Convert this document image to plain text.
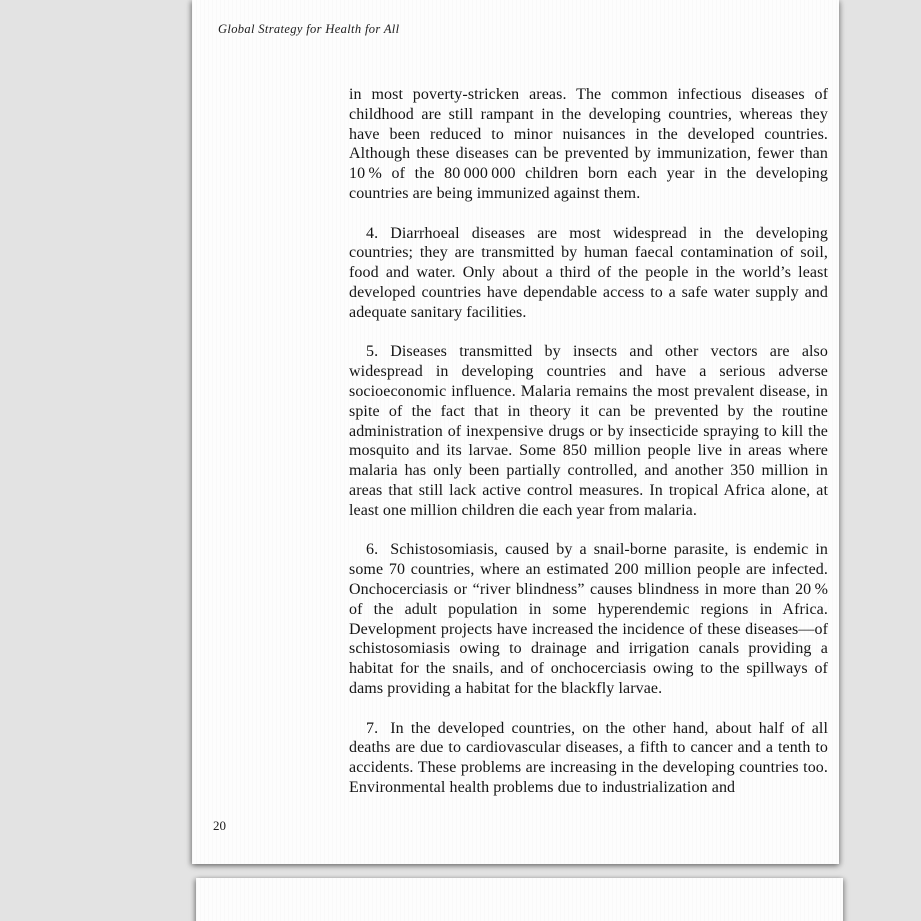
Global Strategy for Health for All

in most poverty-stricken areas. The common infectious diseases of childhood are still rampant in the developing countries, whereas they have been reduced to minor nuisances in the developed countries. Although these diseases can be prevented by immunization, fewer than 10 % of the 80 000 000 children born each year in the developing countries are being immunized against them.

4. Diarrhoeal diseases are most widespread in the developing countries; they are transmitted by human faecal contamination of soil, food and water. Only about a third of the people in the world’s least developed countries have dependable access to a safe water supply and adequate sanitary facilities.

5. Diseases transmitted by insects and other vectors are also widespread in developing countries and have a serious adverse socioeconomic influence. Malaria remains the most prevalent disease, in spite of the fact that in theory it can be prevented by the routine administration of inexpensive drugs or by insecticide spraying to kill the mosquito and its larvae. Some 850 million people live in areas where malaria has only been partially controlled, and another 350 million in areas that still lack active control measures. In tropical Africa alone, at least one million children die each year from malaria.

6. Schistosomiasis, caused by a snail-borne parasite, is endemic in some 70 countries, where an estimated 200 million people are infected. Onchocerciasis or “river blindness” causes blindness in more than 20 % of the adult population in some hyperendemic regions in Africa. Development projects have increased the incidence of these diseases—of schistosomiasis owing to drainage and irrigation canals providing a habitat for the snails, and of onchocerciasis owing to the spillways of dams providing a habitat for the blackfly larvae.

7. In the developed countries, on the other hand, about half of all deaths are due to cardiovascular diseases, a fifth to cancer and a tenth to accidents. These problems are increasing in the developing countries too. Environmental health problems due to industrialization and

20
